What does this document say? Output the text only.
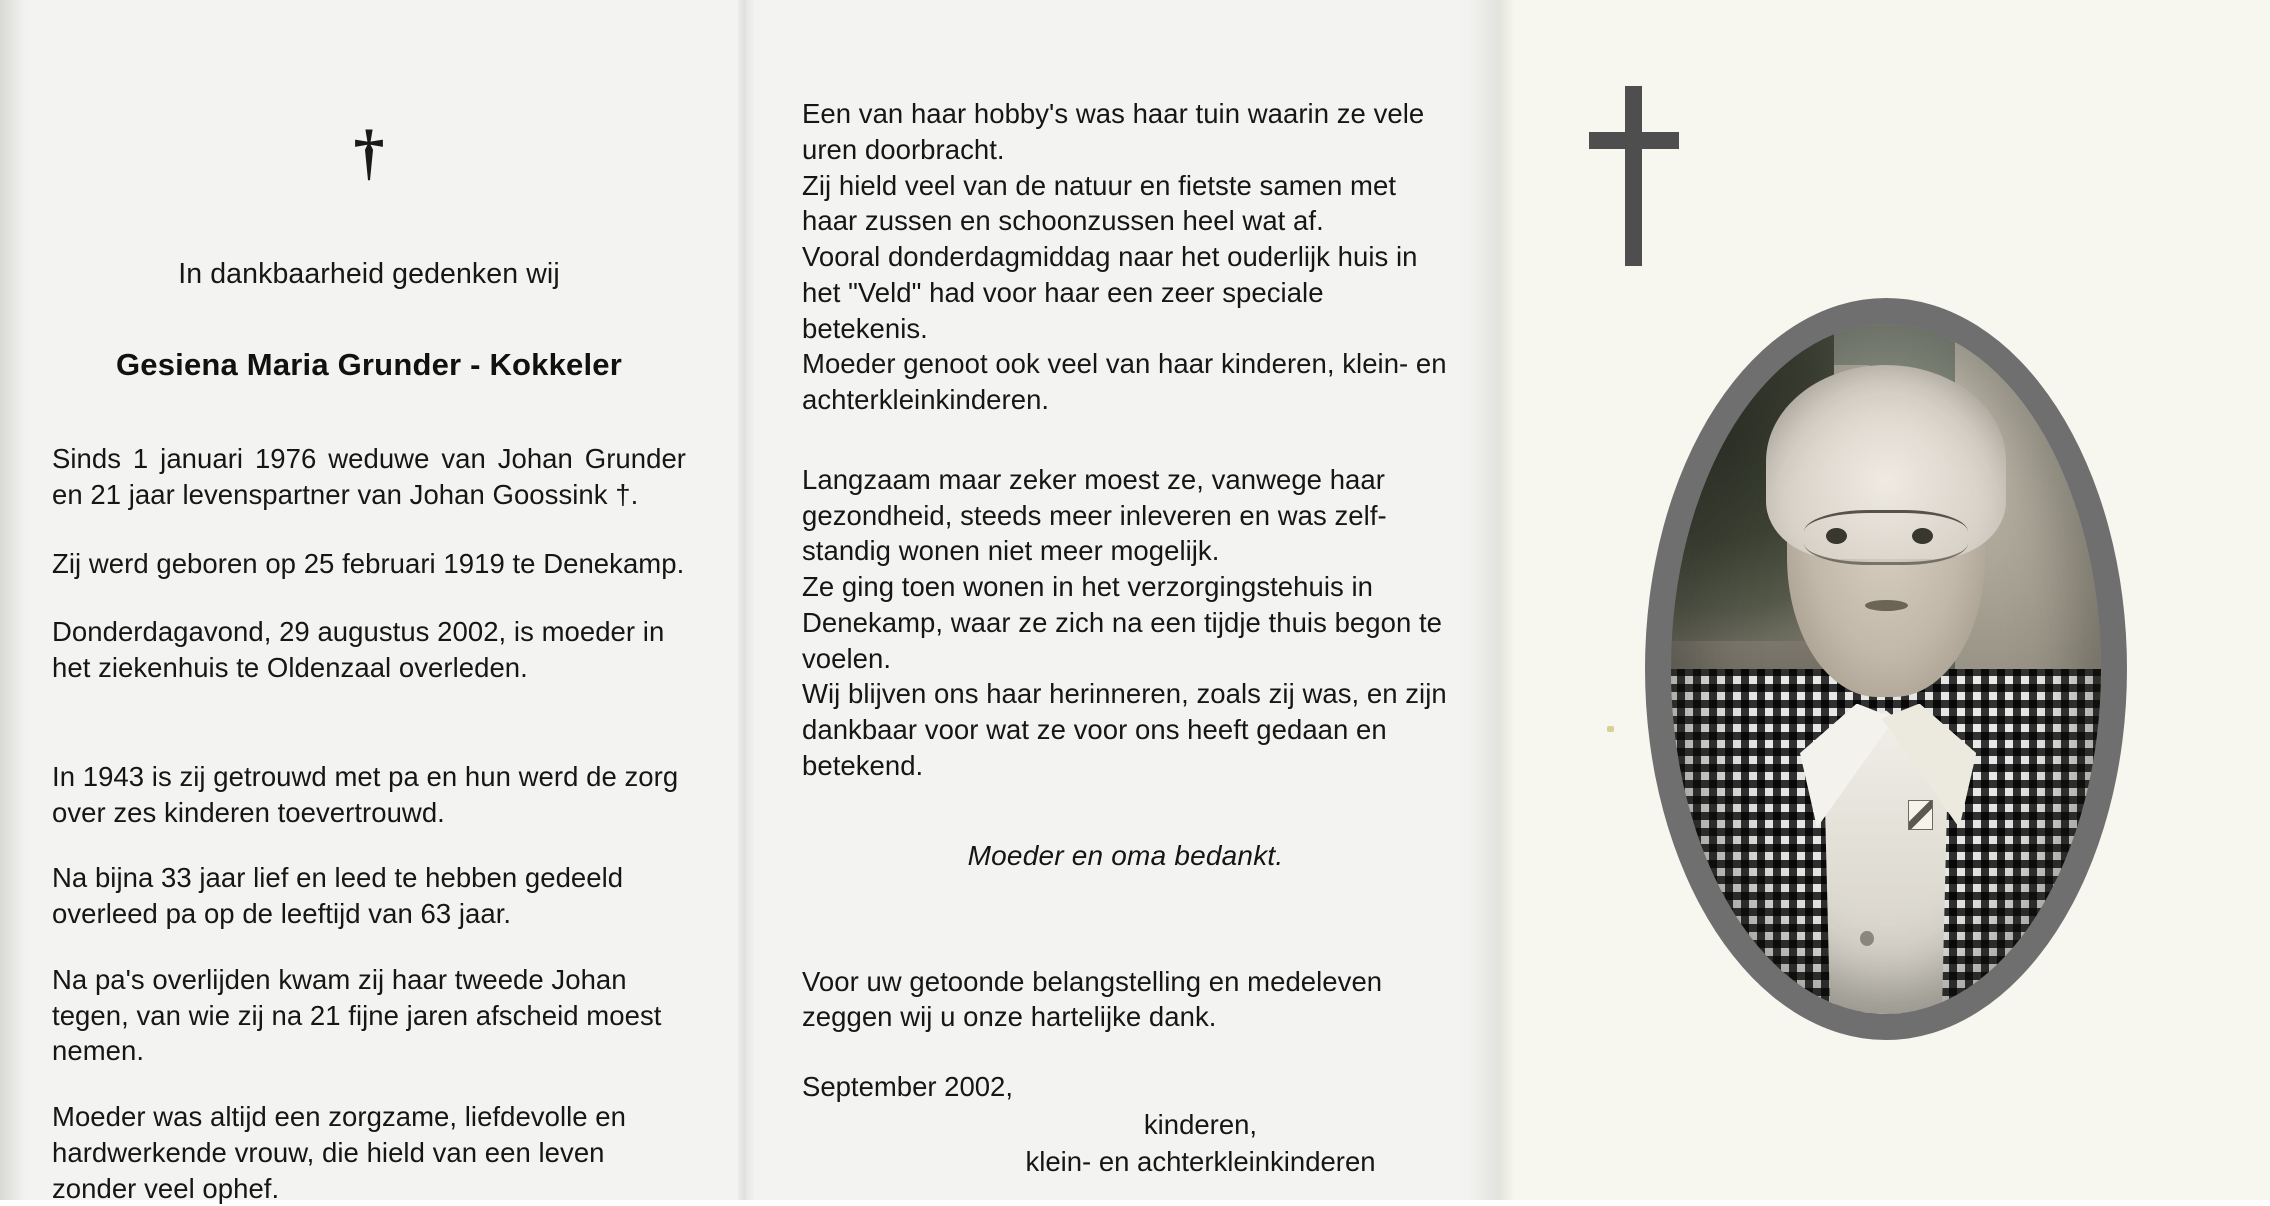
†
In dankbaarheid gedenken wij
Gesiena Maria Grunder - Kokkeler
Sinds 1 januari 1976 weduwe van Johan Grunder en 21 jaar levenspartner van Johan Goossink †.
Zij werd geboren op 25 februari 1919 te Denekamp.
Donderdagavond, 29 augustus 2002, is moeder in het ziekenhuis te Oldenzaal overleden.
In 1943 is zij getrouwd met pa en hun werd de zorg over zes kinderen toevertrouwd.
Na bijna 33 jaar lief en leed te hebben gedeeld overleed pa op de leeftijd van 63 jaar.
Na pa's overlijden kwam zij haar tweede Johan tegen, van wie zij na 21 fijne jaren afscheid moest nemen.
Moeder was altijd een zorgzame, liefdevolle en hardwerkende vrouw, die hield van een leven zonder veel ophef.
Een van haar hobby's was haar tuin waarin ze vele uren doorbracht.
Zij hield veel van de natuur en fietste samen met haar zussen en schoonzussen heel wat af.
Vooral donderdagmiddag naar het ouderlijk huis in het "Veld" had voor haar een zeer speciale betekenis.
Moeder genoot ook veel van haar kinderen, klein- en achterkleinkinderen.
Langzaam maar zeker moest ze, vanwege haar gezondheid, steeds meer inleveren en was zelf-standig wonen niet meer mogelijk.
Ze ging toen wonen in het verzorgingstehuis in Denekamp, waar ze zich na een tijdje thuis begon te voelen.
Wij blijven ons haar herinneren, zoals zij was, en zijn dankbaar voor wat ze voor ons heeft gedaan en betekend.
Moeder en oma bedankt.
Voor uw getoonde belangstelling en medeleven zeggen wij u onze hartelijke dank.
September 2002,
kinderen,
klein- en achterkleinkinderen
